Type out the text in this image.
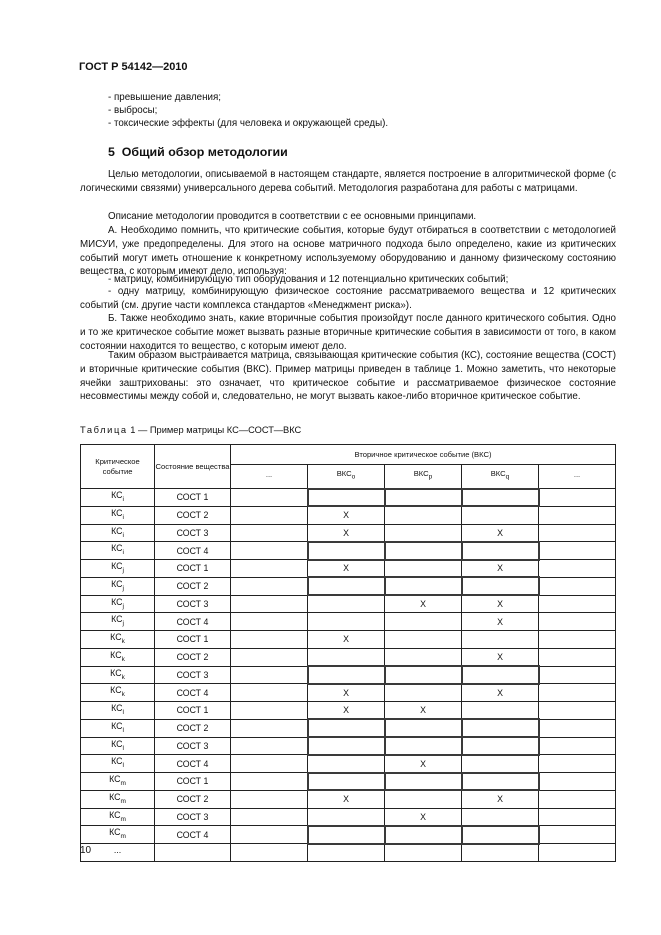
ГОСТ Р 54142—2010

- превышение давления;

- выбросы;

- токсические эффекты (для человека и окружающей среды).

5 Общий обзор методологии

Целью методологии, описываемой в настоящем стандарте, является построение в алгоритмической форме (с логическими связями) универсального дерева событий. Методология разработана для работы с матрицами.

Описание методологии проводится в соответствии с ее основными принципами.

А. Необходимо помнить, что критические события, которые будут отбираться в соответствии с методологией МИСУИ, уже предопределены. Для этого на основе матричного подхода было определено, какие из критических событий могут иметь отношение к конкретному используемому оборудованию и данному физическому состоянию вещества, с которым имеют дело, используя:

- матрицу, комбинирующую тип оборудования и 12 потенциально критических событий;

- одну матрицу, комбинирующую физическое состояние рассматриваемого вещества и 12 критических событий (см. другие части комплекса стандартов «Менеджмент риска»).

Б. Также необходимо знать, какие вторичные события произойдут после данного критического события. Одно и то же критическое событие может вызвать разные вторичные критические события в зависимости от того, в каком состоянии находится то вещество, с которым имеют дело.

Таким образом выстраивается матрица, связывающая критические события (КС), состояние вещества (СОСТ) и вторичные критические события (ВКС). Пример матрицы приведен в таблице 1. Можно заметить, что некоторые ячейки заштрихованы: это означает, что критическое событие и рассматриваемое физическое состояние несовместимы между собой и, следовательно, не могут вызвать какое-либо вторичное критическое событие.

Таблица 1 — Пример матрицы КС—СОСТ—ВКС
Критическое событие	Состояние вещества	Вторичное критическое событие (ВКС)				
		...	$ВКС_o$	$ВКС_p$	$ВКС_q$	...
$КС_i$	СОСТ 1					
$КС_i$	СОСТ 2		X			
$КС_i$	СОСТ 3		X		X	
$КС_i$	СОСТ 4					
$КС_j$	СОСТ 1		X		X	
$КС_j$	СОСТ 2					
$КС_j$	СОСТ 3			X	X	
$КС_j$	СОСТ 4				X	
$КС_k$	СОСТ 1		X			
$КС_k$	СОСТ 2				X	
$КС_k$	СОСТ 3					
$КС_k$	СОСТ 4		X		X	
$КС_l$	СОСТ 1		X	X		
$КС_l$	СОСТ 2					
$КС_l$	СОСТ 3					
$КС_l$	СОСТ 4			X		
$КС_m$	СОСТ 1					
$КС_m$	СОСТ 2		X		X	
$КС_m$	СОСТ 3			X		
$КС_m$	СОСТ 4					
...						
10
